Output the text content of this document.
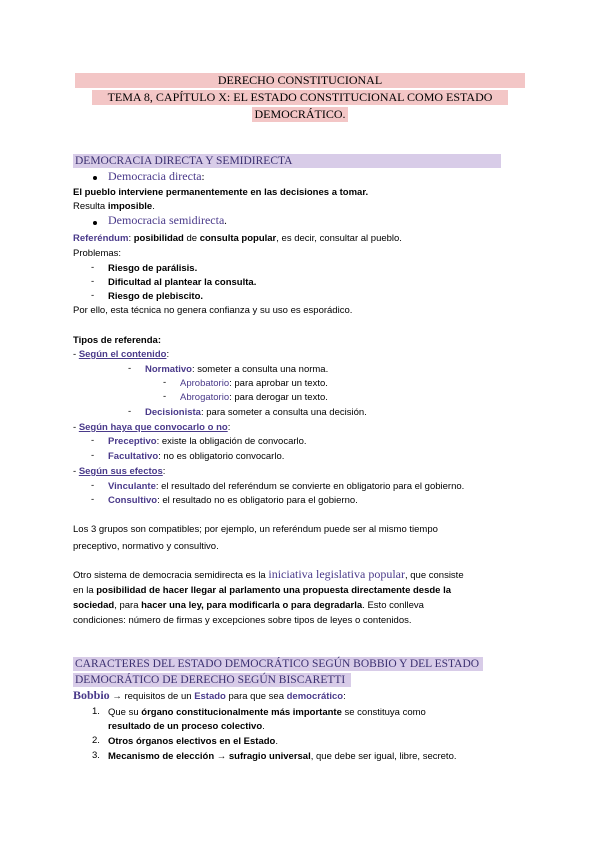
DERECHO CONSTITUCIONAL
TEMA 8, CAPÍTULO X: EL ESTADO CONSTITUCIONAL COMO ESTADO
DEMOCRÁTICO.
DEMOCRACIA DIRECTA Y SEMIDIRECTA
Democracia directa:
El pueblo interviene permanentemente en las decisiones a tomar.
Resulta imposible.
Democracia semidirecta.
Referéndum: posibilidad de consulta popular, es decir, consultar al pueblo.
Problemas:
- Riesgo de parálisis.
- Dificultad al plantear la consulta.
- Riesgo de plebiscito.
Por ello, esta técnica no genera confianza y su uso es esporádico.
Tipos de referenda:
- Según el contenido:
- Normativo: someter a consulta una norma.
- Aprobatorio: para aprobar un texto.
- Abrogatorio: para derogar un texto.
- Decisionista: para someter a consulta una decisión.
- Según haya que convocarlo o no:
- Preceptivo: existe la obligación de convocarlo.
- Facultativo: no es obligatorio convocarlo.
- Según sus efectos:
- Vinculante: el resultado del referéndum se convierte en obligatorio para el gobierno.
- Consultivo: el resultado no es obligatorio para el gobierno.
Los 3 grupos son compatibles; por ejemplo, un referéndum puede ser al mismo tiempo
preceptivo, normativo y consultivo.
Otro sistema de democracia semidirecta es la iniciativa legislativa popular, que consiste
en la posibilidad de hacer llegar al parlamento una propuesta directamente desde la
sociedad, para hacer una ley, para modificarla o para degradarla. Esto conlleva
condiciones: número de firmas y excepciones sobre tipos de leyes o contenidos.
CARACTERES DEL ESTADO DEMOCRÁTICO SEGÚN BOBBIO Y DEL ESTADO
DEMOCRÁTICO DE DERECHO SEGÚN BISCARETTI
Bobbio → requisitos de un Estado para que sea democrático:
1. Que su órgano constitucionalmente más importante se constituya como
resultado de un proceso colectivo.
2. Otros órganos electivos en el Estado.
3. Mecanismo de elección → sufragio universal, que debe ser igual, libre, secreto.
